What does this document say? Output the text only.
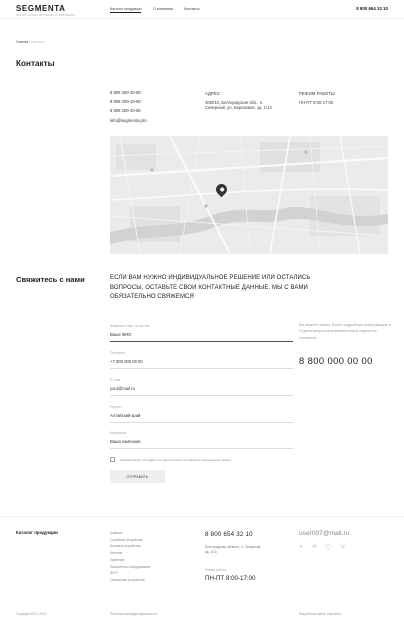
SEGMENTA
SMART HOME СИСТЕМЫ УПРАВЛЕНИЯ
Каталог продукции	О компании	Контакты	8 800 654 32 10
Главная / Контакты
Контакты
8 909 200-10-60
8 909 200-10-60
8 909 200-10-60
info@segmenta.pro
АДРЕС
309010, Белгородская обл., п.
Северный, ул. Березовая, зд. 1/13
РЕЖИМ РАБОТЫ
ПН-ПТ 8:00-17:00
Свяжитесь с нами	ЕСЛИ ВАМ НУЖНО ИНДИВИДУАЛЬНОЕ РЕШЕНИЕ ИЛИ ОСТАЛИСЬ ВОПРОСЫ, ОСТАВЬТЕ СВОИ КОНТАКТНЫЕ ДАННЫЕ. МЫ С ВАМИ ОБЯЗАТЕЛЬНО СВЯЖЕМСЯ
Фамилия Имя Отчество
Ваше ФИО
Телефон
+7 000 000 00 00
E-mail
your@mail.ru
Регион
Алтайский край
Компания
Ваша компания
Нажимая кнопку "Отправить" вы даете согласие на обработку персональных данных
ОТПРАВИТЬ
Вы можете узнать более подробную информацию в Отделе вопросов компании или в отделе по телефону
8 800 000 00 00
Каталог продукции	Чайники
Серийные устройства
Бытовые устройства
Колонки
Хранение
Компоненты оборудования
Wi-Fi
Освещение устройства
8 800 654 32 10
Белгородская область, п. Северный, зд. 1/13
Режим работы
ПН-ПТ 8:00-17:00
user007@mail.ru
✈ ✉ ◯ ☏
Copyright 2017–2022	Политика конфиденциальности	Разработка сайта: segmenta
